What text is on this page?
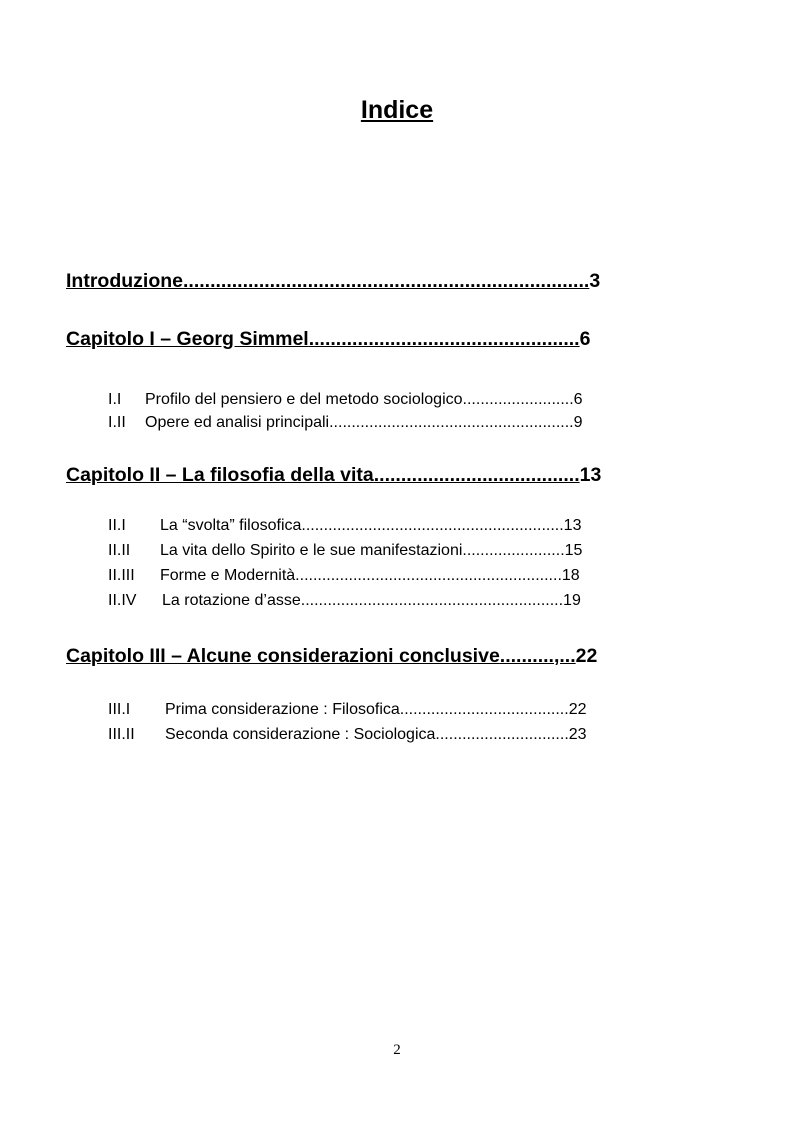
Indice
Introduzione...........................................................................3
Capitolo I – Georg Simmel..................................................6
I.I Profilo del pensiero e del metodo sociologico.........................6
I.II Opere ed analisi principali.......................................................9
Capitolo II – La filosofia della vita......................................13
II.I La “svolta” filosofica...........................................................13
II.II La vita dello Spirito e le sue manifestazioni.......................15
II.III Forme e Modernità............................................................18
II.IV La rotazione d’asse...........................................................19
Capitolo III – Alcune considerazioni conclusive..........,...22
III.I Prima considerazione : Filosofica......................................22
III.II Seconda considerazione : Sociologica..............................23
2
